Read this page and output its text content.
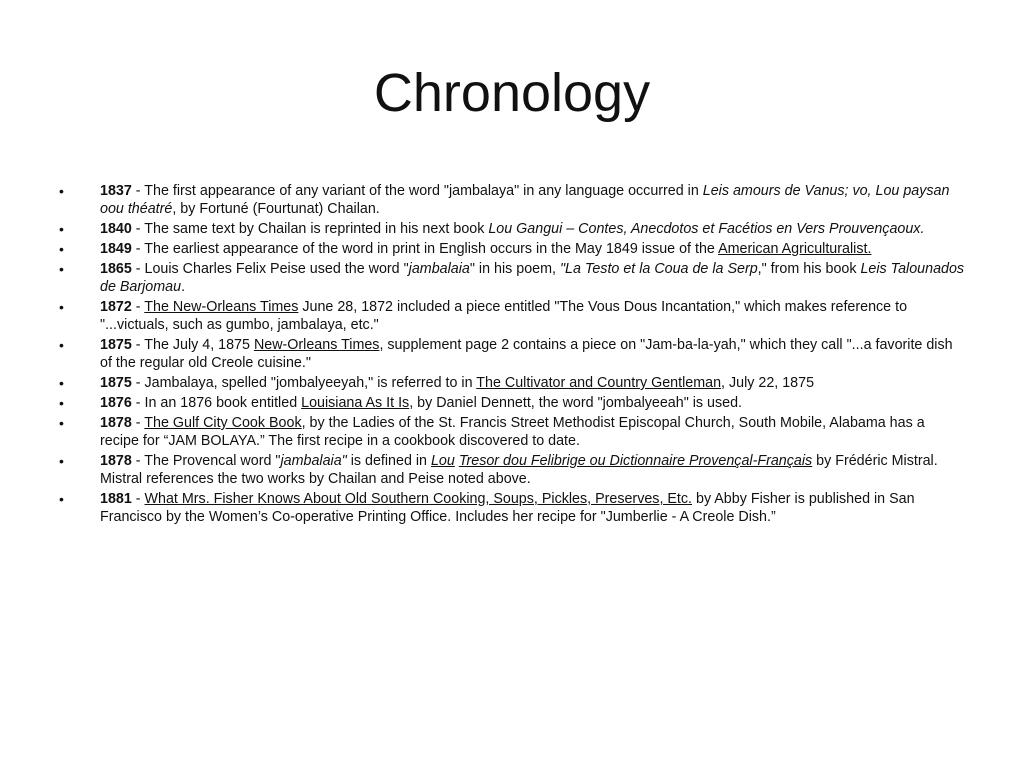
Chronology
•	1837 - The first appearance of any variant of the word "jambalaya" in any language occurred in Leis amours de Vanus; vo, Lou paysan oou théatré, by Fortuné (Fourtunat) Chailan.
•	1840 - The same text by Chailan is reprinted in his next book Lou Gangui – Contes, Anecdotos et Facétios en Vers Prouvençaoux.
•	1849 - The earliest appearance of the word in print in English occurs in the May 1849 issue of the American Agriculturalist.
•	1865 - Louis Charles Felix Peise used the word "jambalaia" in his poem, "La Testo et la Coua de la Serp," from his book Leis Talounados de Barjomau.
•	1872 - The New-Orleans Times June 28, 1872 included a piece entitled "The Vous Dous Incantation," which makes reference to "...victuals, such as gumbo, jambalaya, etc."
•	1875 - The July 4, 1875 New-Orleans Times, supplement page 2 contains a piece on "Jam-ba-la-yah," which they call "...a favorite dish of the regular old Creole cuisine."
•	1875 - Jambalaya, spelled "jombalyeeyah," is referred to in The Cultivator and Country Gentleman, July 22, 1875
•	1876 - In an 1876 book entitled Louisiana As It Is, by Daniel Dennett, the word "jombalyeeah" is used.
•	1878 - The Gulf City Cook Book, by the Ladies of the St. Francis Street Methodist Episcopal Church, South Mobile, Alabama has a recipe for “JAM BOLAYA.” The first recipe in a cookbook discovered to date.
•	1878 - The Provencal word "jambalaia" is defined in Lou Tresor dou Felibrige ou Dictionnaire Provençal-Français by Frédéric Mistral. Mistral references the two works by Chailan and Peise noted above.
•	1881 - What Mrs. Fisher Knows About Old Southern Cooking, Soups, Pickles, Preserves, Etc. by Abby Fisher is published in San Francisco by the Women’s Co-operative Printing Office. Includes her recipe for "Jumberlie - A Creole Dish.”
